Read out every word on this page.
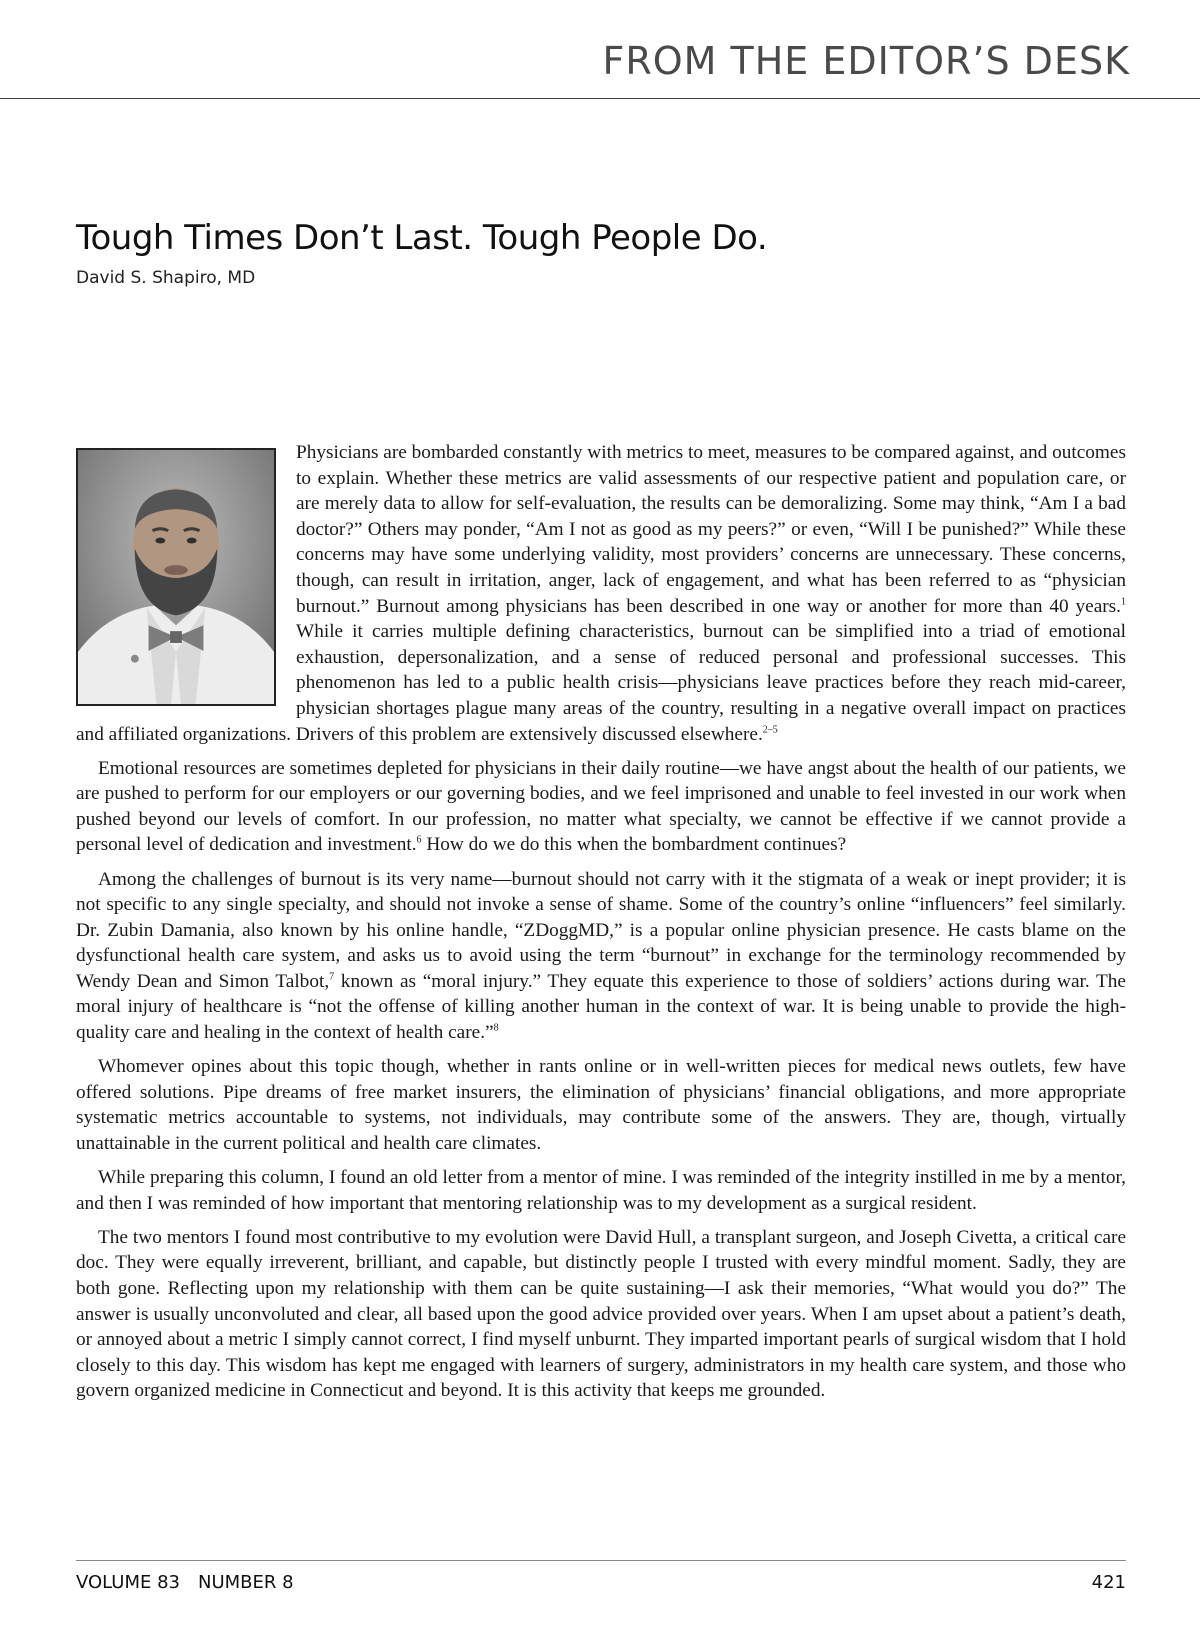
FROM THE EDITOR’S DESK
Tough Times Don’t Last. Tough People Do.
David S. Shapiro, MD

Physicians are bombarded constantly with metrics to meet, measures to be compared against, and outcomes to explain. Whether these metrics are valid assessments of our respective patient and population care, or are merely data to allow for self-evaluation, the results can be demoralizing. Some may think, “Am I a bad doctor?” Others may ponder, “Am I not as good as my peers?” or even, “Will I be punished?” While these concerns may have some underlying validity, most providers’ concerns are unnecessary. These concerns, though, can result in irritation, anger, lack of engagement, and what has been referred to as “physician burnout.” Burnout among physicians has been described in one way or another for more than 40 years.$^1$ While it carries multiple defining characteristics, burnout can be simplified into a triad of emotional exhaustion, depersonalization, and a sense of reduced personal and professional successes. This phenomenon has led to a public health crisis—physicians leave practices before they reach mid-career, physician shortages plague many areas of the country, resulting in a negative overall impact on practices and affiliated organizations. Drivers of this problem are extensively discussed elsewhere.$^{2-5}$

Emotional resources are sometimes depleted for physicians in their daily routine—we have angst about the health of our patients, we are pushed to perform for our employers or our governing bodies, and we feel imprisoned and unable to feel invested in our work when pushed beyond our levels of comfort. In our profession, no matter what specialty, we cannot be effective if we cannot provide a personal level of dedication and investment.$^6$ How do we do this when the bombardment continues?

Among the challenges of burnout is its very name—burnout should not carry with it the stigmata of a weak or inept provider; it is not specific to any single specialty, and should not invoke a sense of shame. Some of the country’s online “influencers” feel similarly. Dr. Zubin Damania, also known by his online handle, “ZDoggMD,” is a popular online physician presence. He casts blame on the dysfunctional health care system, and asks us to avoid using the term “burnout” in exchange for the terminology recommended by Wendy Dean and Simon Talbot,$^7$ known as “moral injury.” They equate this experience to those of soldiers’ actions during war. The moral injury of healthcare is “not the offense of killing another human in the context of war. It is being unable to provide the high-quality care and healing in the context of health care.”$^8$

Whomever opines about this topic though, whether in rants online or in well-written pieces for medical news outlets, few have offered solutions. Pipe dreams of free market insurers, the elimination of physicians’ financial obligations, and more appropriate systematic metrics accountable to systems, not individuals, may contribute some of the answers. They are, though, virtually unattainable in the current political and health care climates.

While preparing this column, I found an old letter from a mentor of mine. I was reminded of the integrity instilled in me by a mentor, and then I was reminded of how important that mentoring relationship was to my development as a surgical resident.

The two mentors I found most contributive to my evolution were David Hull, a transplant surgeon, and Joseph Civetta, a critical care doc. They were equally irreverent, brilliant, and capable, but distinctly people I trusted with every mindful moment. Sadly, they are both gone. Reflecting upon my relationship with them can be quite sustaining—I ask their memories, “What would you do?” The answer is usually unconvoluted and clear, all based upon the good advice provided over years. When I am upset about a patient’s death, or annoyed about a metric I simply cannot correct, I find myself unburnt. They imparted important pearls of surgical wisdom that I hold closely to this day. This wisdom has kept me engaged with learners of surgery, administrators in my health care system, and those who govern organized medicine in Connecticut and beyond. It is this activity that keeps me grounded.

VOLUME 83 NUMBER 8	421
